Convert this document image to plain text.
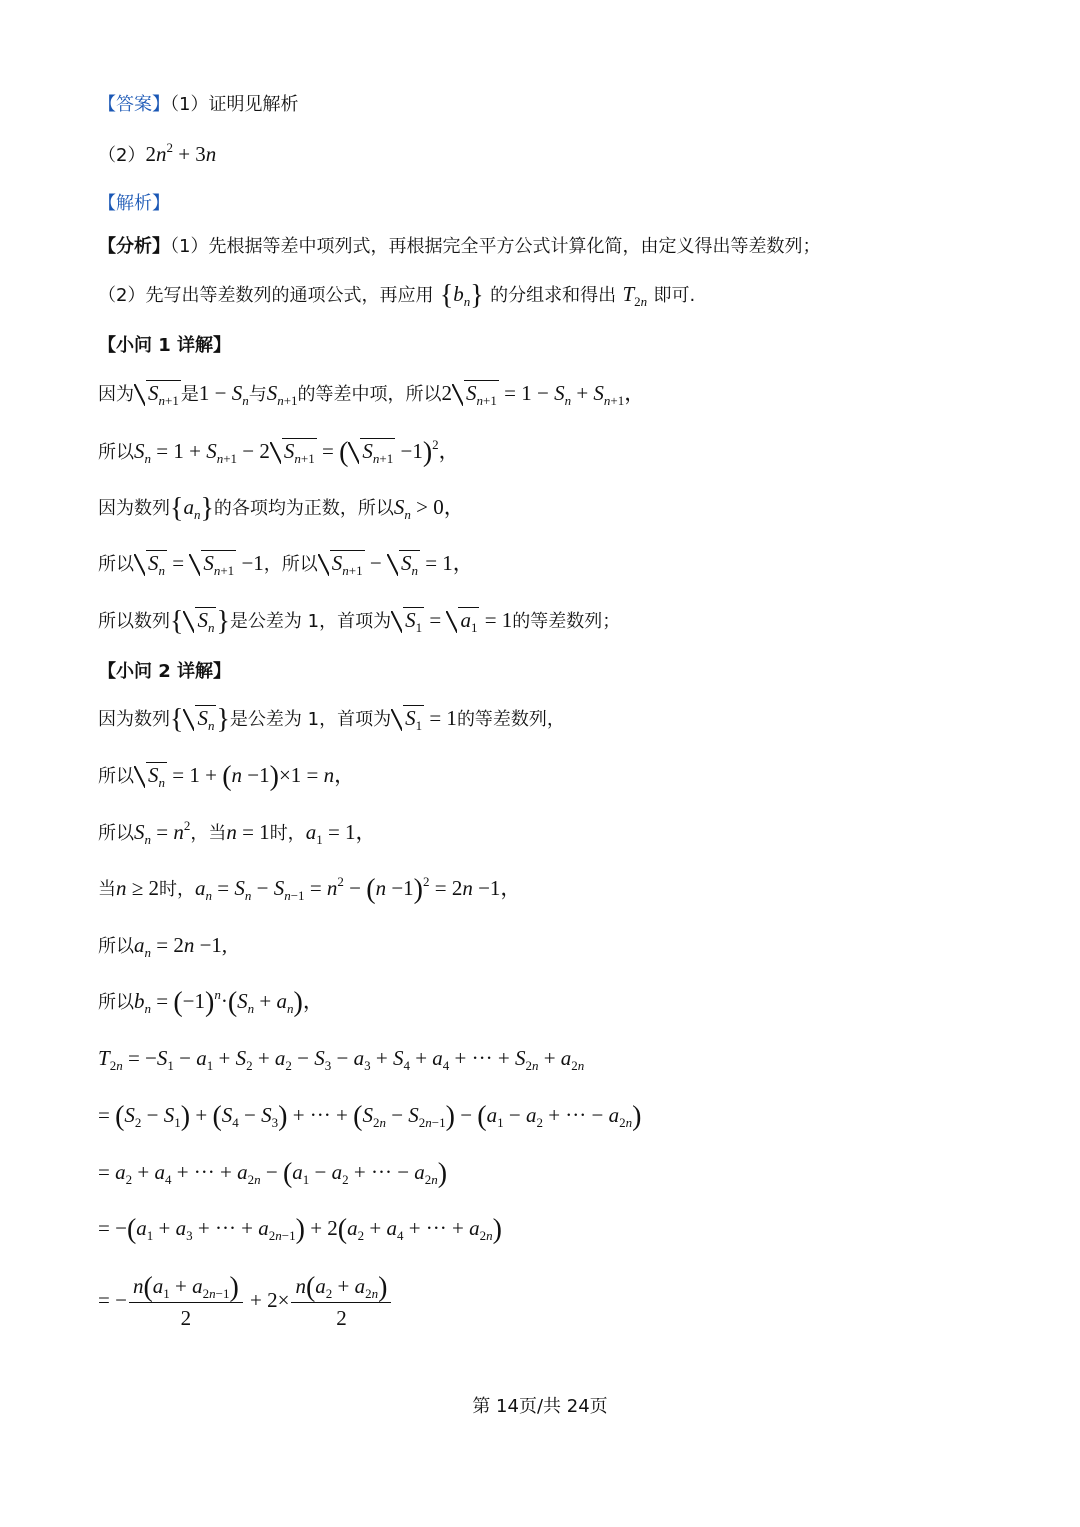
【答案】（1）证明见解析
$(2)2n^2 + 3n$
【解析】
【分析】（1）先根据等差中项列式，再根据完全平方公式计算化简，由定义得出等差数列；
（2）先写出等差数列的通项公式，再应用 $\{b_n\}$ 的分组求和得出 $T_{2n}$ 即可.
【小问 1 详解】
因为 $S_{n+1}$ 是$1 - S_n$与$S_{n+1}$的等差中项，所以2 $S_{n+1} = 1 - S_n + S_{n+1}$，
所以$S_n = 1 + S_{n+1} - 2$ $S_{n+1}$ = ( $S_{n+1} -1)^2$，
因为数列$\{a_n\}$的各项均为正数，所以$S_n > 0$，
所以 $S_n = S_{n+1} -1$，所以 $S_{n+1} - S_n = 1$，
所以数列{ $S_n$}是公差为 1，首项为 $S_1 = a_1 = 1$的等差数列；
【小问 2 详解】
因为数列{ $S_n$}是公差为 1，首项为 $S_1 = 1$的等差数列，
所以 $S_n = 1 + (n -1)\times 1 = n$，
所以$S_n = n^2$，当n = 1时，$a_1 = 1$，
当n ≥ 2时，$a_n = S_n - S_{n-1} = n^2 - (n -1)^2 = 2n -1$，
所以$a_n = 2n -1$,
所以$b_n = (-1)^n\cdot(S_n + a_n)$，
$T_{2n} = -S_1 - a_1 + S_2 + a_2 - S_3 - a_3 + S_4 + a_4$ + ··· + $S_{2n} + a_{2n}$
= $(S_2 - S_1) + (S_4 - S_3)$ + ··· + $(S_{2n} - S_{2n-1}) - (a_1 - a_2$ + ··· − $a_{2n}$)
= $a_2 + a_4$ + ··· + $a_{2n} - (a_1 - a_2$ + ··· − $a_{2n}$)
= $-(a_1 + a_3$ + ··· + $a_{2n-1}) + 2(a_2 + a_4$ + ··· + $a_{2n}$)
= − $\frac{n(a_1 + a_{2n-1})}{2} + 2\times \frac{n(a_2 + a_{2n})}{2}$
第 14页/共 24页
